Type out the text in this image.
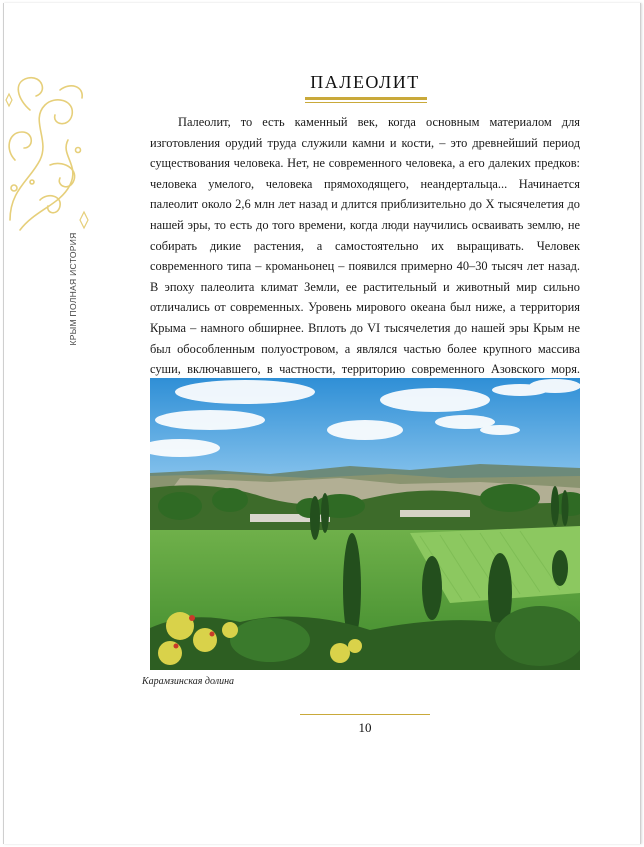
КРЫМ ПОЛНАЯ ИСТОРИЯ
ПАЛЕОЛИТ

Палеолит, то есть каменный век, когда основным материалом для изготовления орудий труда служили камни и кости, – это древнейший период существования человека. Нет, не современного человека, а его далеких предков: человека умелого, человека прямоходящего, неандертальца... Начинается палеолит около 2,6 млн лет назад и длится приблизительно до X тысячелетия до нашей эры, то есть до того времени, когда люди научились осваивать землю, не собирать дикие растения, а самостоятельно их выращивать. Человек современного типа – кроманьонец – появился примерно 40–30 тысяч лет назад. В эпоху палеолита климат Земли, ее растительный и животный мир сильно отличались от современных. Уровень мирового океана был ниже, а территория Крыма – намного обширнее. Вплоть до VI тысячелетия до нашей эры Крым не был обособленным полуостровом, а являлся частью более крупного массива суши, включавшего, в частности, территорию современного Азовского моря.

Карамзинская долина
10
